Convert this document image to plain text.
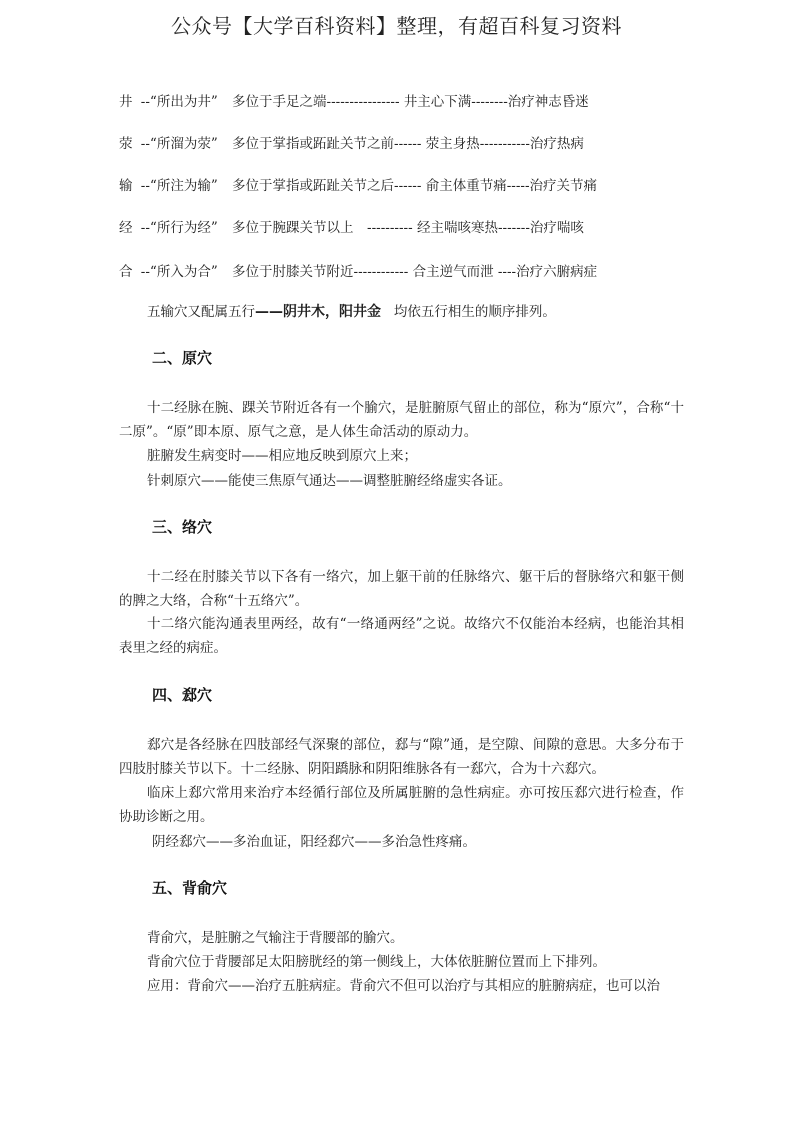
公众号【大学百科资料】整理，有超百科复习资料
井 --“所出为井” 多位于手足之端---------------- 井主心下满--------治疗神志昏迷
荥 --“所溜为荥” 多位于掌指或跖趾关节之前------ 荥主身热-----------治疗热病
输 --“所注为输” 多位于掌指或跖趾关节之后------ 俞主体重节痛-----治疗关节痛
经 --“所行为经” 多位于腕踝关节以上　---------- 经主喘咳寒热-------治疗喘咳
合 --“所入为合” 多位于肘膝关节附近------------ 合主逆气而泄 ----治疗六腑病症
五输穴又配属五行——阴井木，阳井金 均依五行相生的顺序排列。
二、原穴
十二经脉在腕、踝关节附近各有一个腧穴，是脏腑原气留止的部位，称为“原穴”，合称“十二原”。“原”即本原、原气之意，是人体生命活动的原动力。
脏腑发生病变时——相应地反映到原穴上来；
针刺原穴——能使三焦原气通达——调整脏腑经络虚实各证。
三、络穴
十二经在肘膝关节以下各有一络穴，加上躯干前的任脉络穴、躯干后的督脉络穴和躯干侧的脾之大络，合称“十五络穴”。
十二络穴能沟通表里两经，故有“一络通两经”之说。故络穴不仅能治本经病，也能治其相表里之经的病症。
四、郄穴
郄穴是各经脉在四肢部经气深聚的部位，郄与“隙”通，是空隙、间隙的意思。大多分布于四肢肘膝关节以下。十二经脉、阴阳蹻脉和阴阳维脉各有一郄穴，合为十六郄穴。
临床上郄穴常用来治疗本经循行部位及所属脏腑的急性病症。亦可按压郄穴进行检查，作协助诊断之用。
阴经郄穴——多治血证，阳经郄穴——多治急性疼痛。
五、背俞穴
背俞穴，是脏腑之气输注于背腰部的腧穴。
背俞穴位于背腰部足太阳膀胱经的第一侧线上，大体依脏腑位置而上下排列。
应用：背俞穴——治疗五脏病症。背俞穴不但可以治疗与其相应的脏腑病症，也可以治
